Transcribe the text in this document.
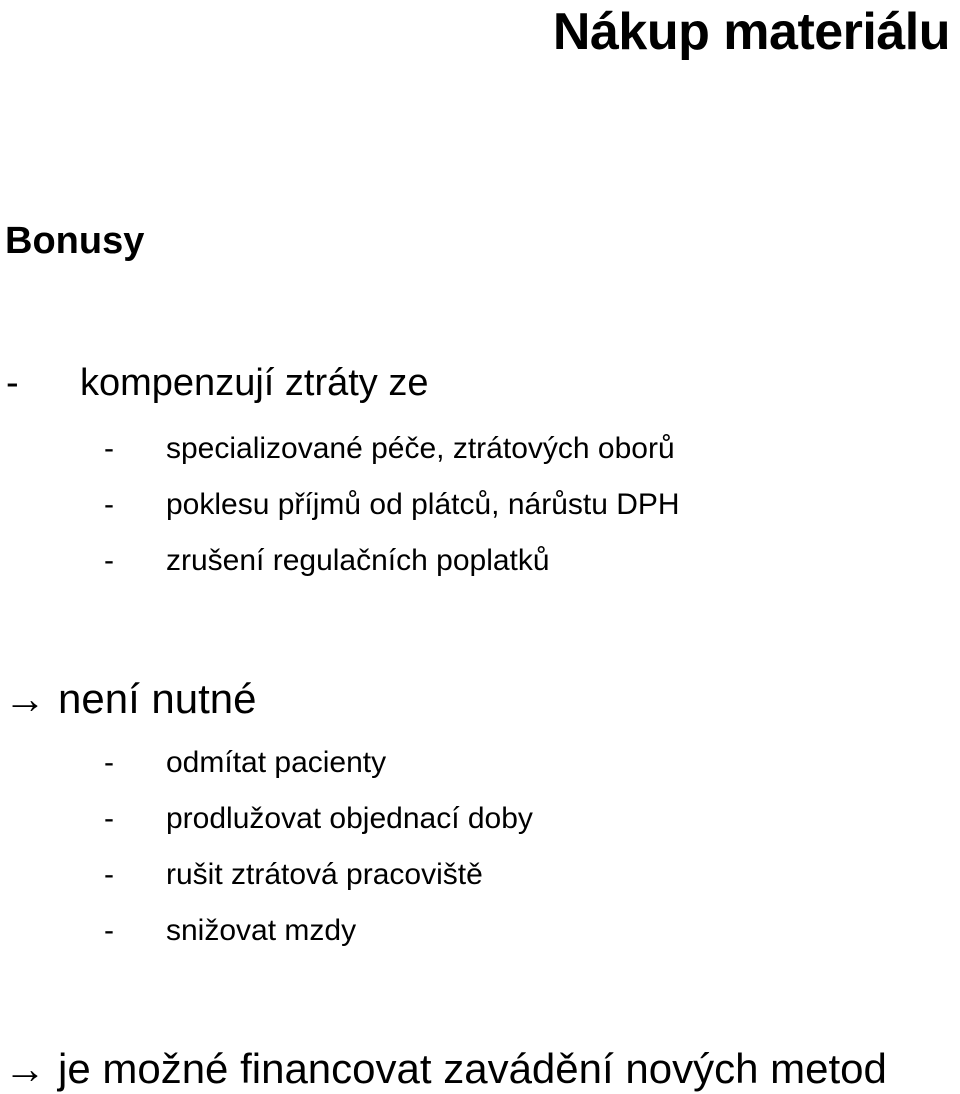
Nákup materiálu
Bonusy
- kompenzují ztráty ze
- specializované péče, ztrátových oborů
- poklesu příjmů od plátců, nárůstu DPH
- zrušení regulačních poplatků
→ není nutné
- odmítat pacienty
- prodlužovat objednací doby
- rušit ztrátová pracoviště
- snižovat mzdy
→ je možné financovat zavádění nových metod
